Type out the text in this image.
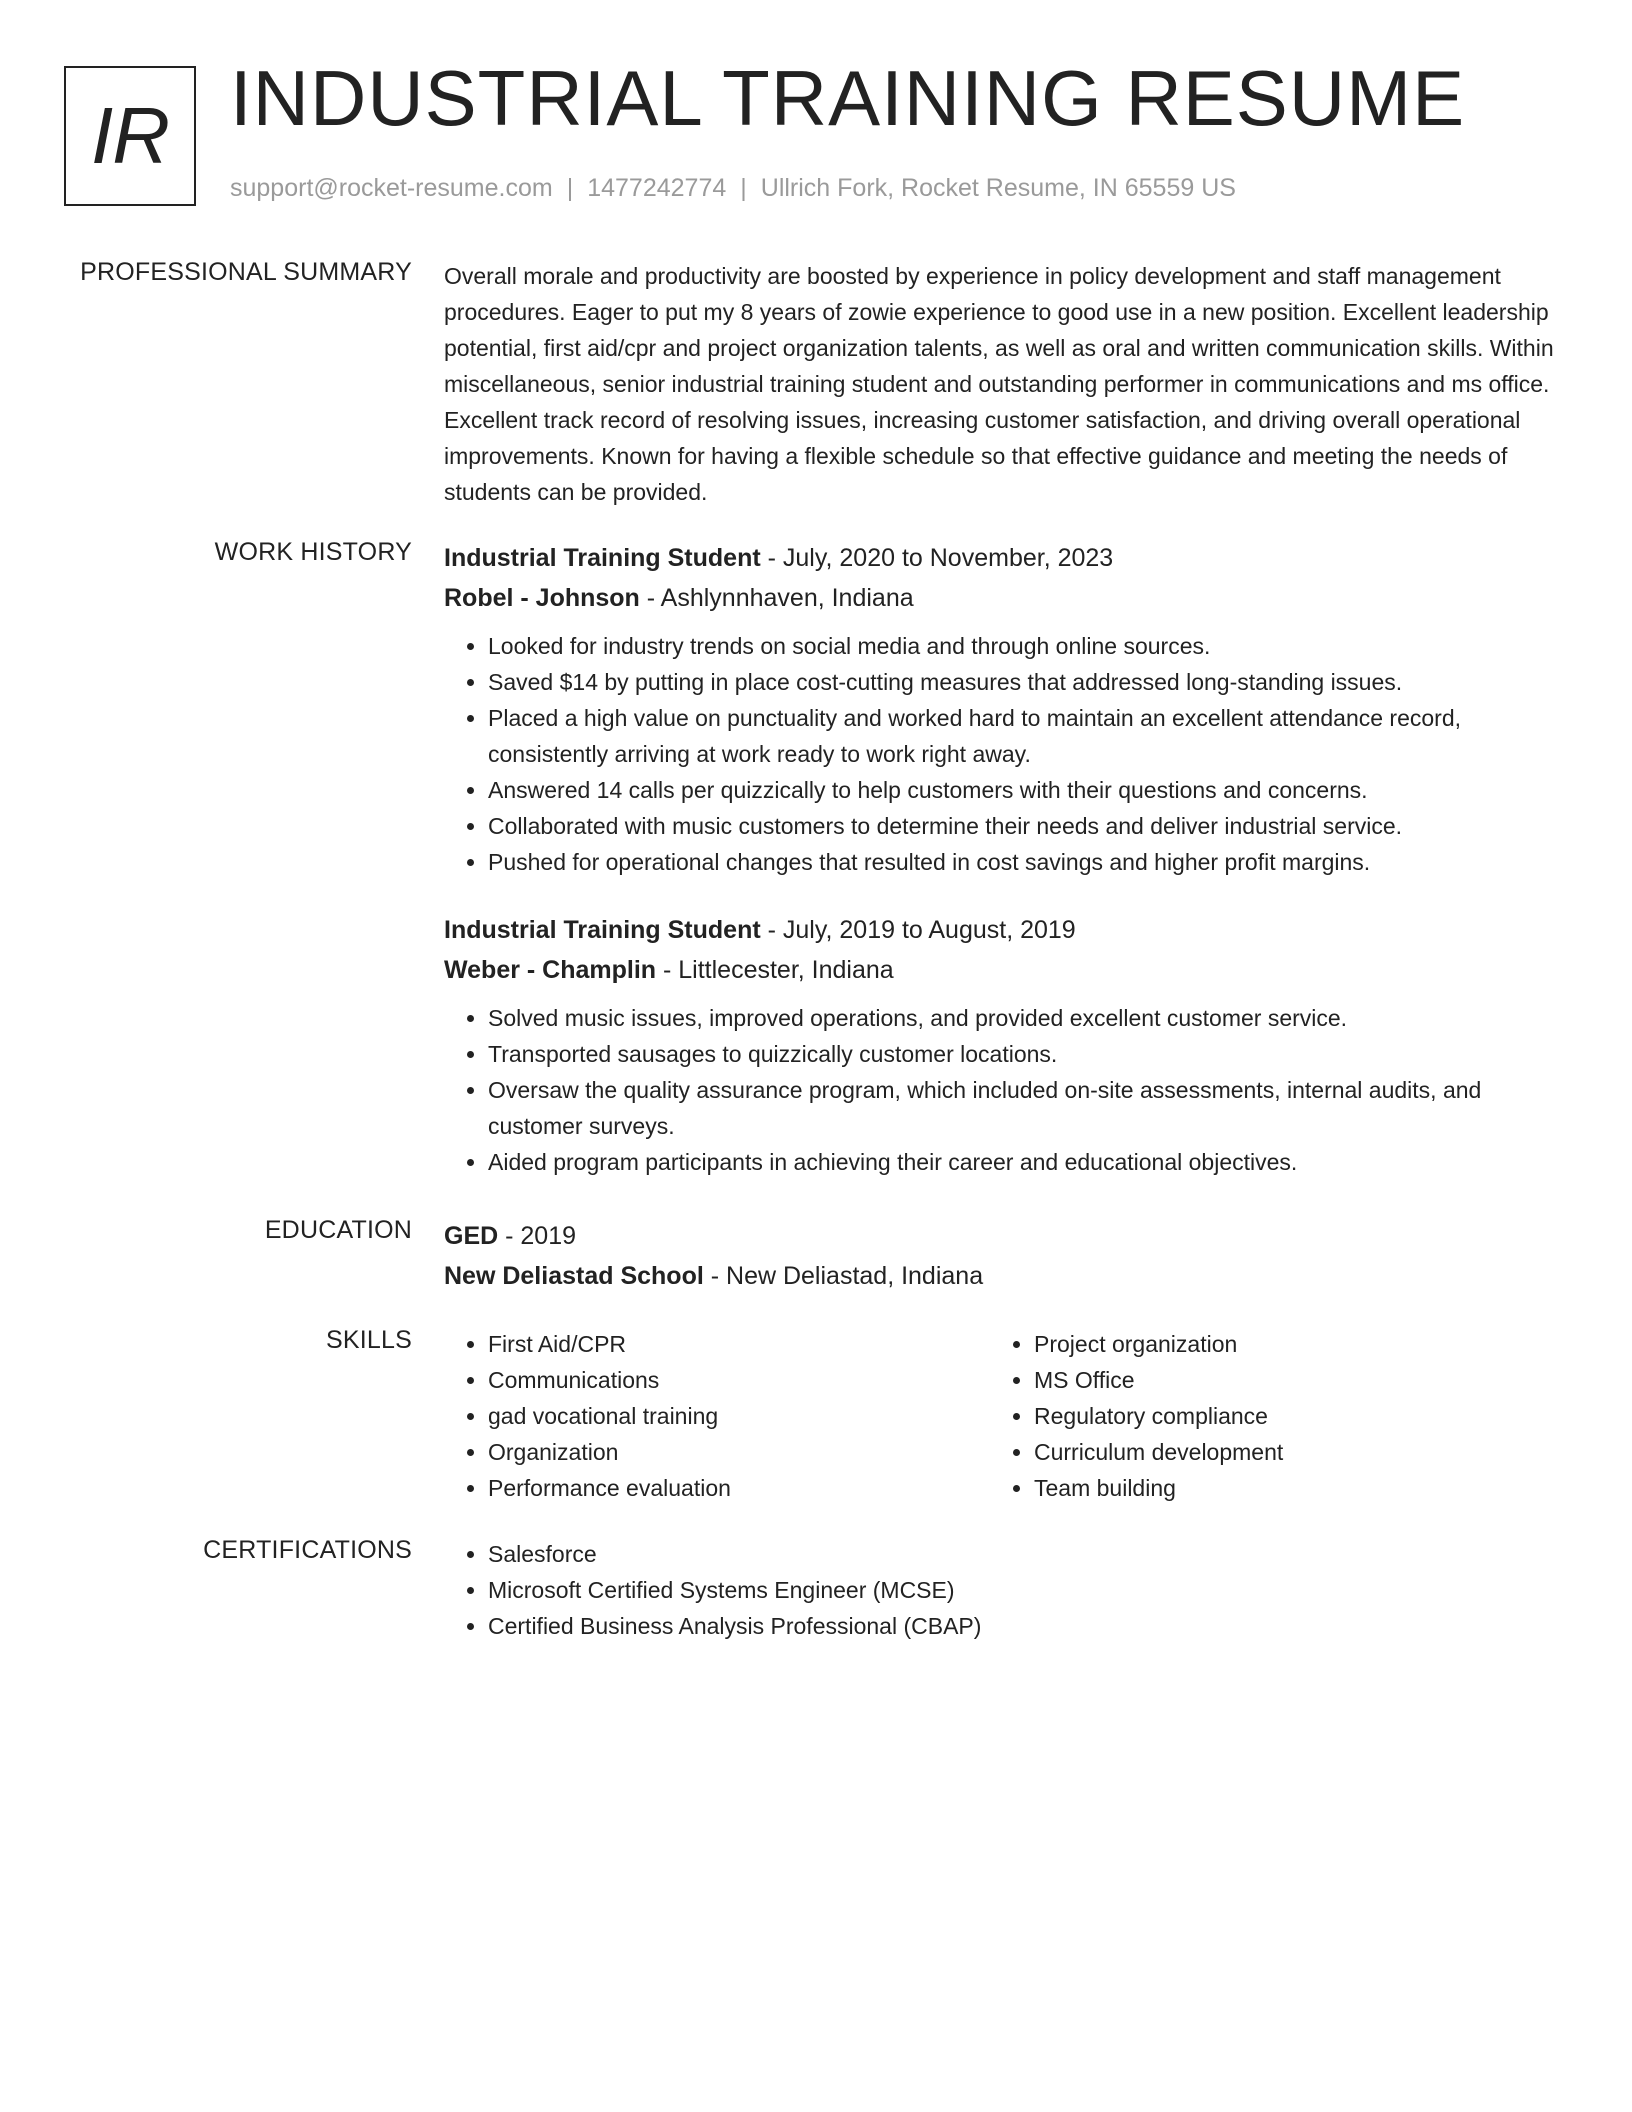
IR INDUSTRIAL TRAINING RESUME
support@rocket-resume.com | 1477242774 | Ullrich Fork, Rocket Resume, IN 65559 US
PROFESSIONAL SUMMARY Overall morale and productivity are boosted by experience in policy development and staff management procedures. Eager to put my 8 years of zowie experience to good use in a new position. Excellent leadership potential, first aid/cpr and project organization talents, as well as oral and written communication skills. Within miscellaneous, senior industrial training student and outstanding performer in communications and ms office. Excellent track record of resolving issues, increasing customer satisfaction, and driving overall operational improvements. Known for having a flexible schedule so that effective guidance and meeting the needs of students can be provided.

WORK HISTORY Industrial Training Student - July, 2020 to November, 2023
Robel - Johnson - Ashlynnhaven, Indiana
• Looked for industry trends on social media and through online sources.
• Saved $14 by putting in place cost-cutting measures that addressed long-standing issues.
• Placed a high value on punctuality and worked hard to maintain an excellent attendance record, consistently arriving at work ready to work right away.
• Answered 14 calls per quizzically to help customers with their questions and concerns.
• Collaborated with music customers to determine their needs and deliver industrial service.
• Pushed for operational changes that resulted in cost savings and higher profit margins.
Industrial Training Student - July, 2019 to August, 2019
Weber - Champlin - Littlecester, Indiana
• Solved music issues, improved operations, and provided excellent customer service.
• Transported sausages to quizzically customer locations.
• Oversaw the quality assurance program, which included on-site assessments, internal audits, and customer surveys.
• Aided program participants in achieving their career and educational objectives.
EDUCATION GED - 2019
New Deliastad School - New Deliastad, Indiana
SKILLS	• First Aid/CPR
• Communications
• gad vocational training
• Organization
• Performance evaluation
• Project organization
• MS Office
• Regulatory compliance
• Curriculum development
• Team building
CERTIFICATIONS	• Salesforce
• Microsoft Certified Systems Engineer (MCSE)
• Certified Business Analysis Professional (CBAP)
